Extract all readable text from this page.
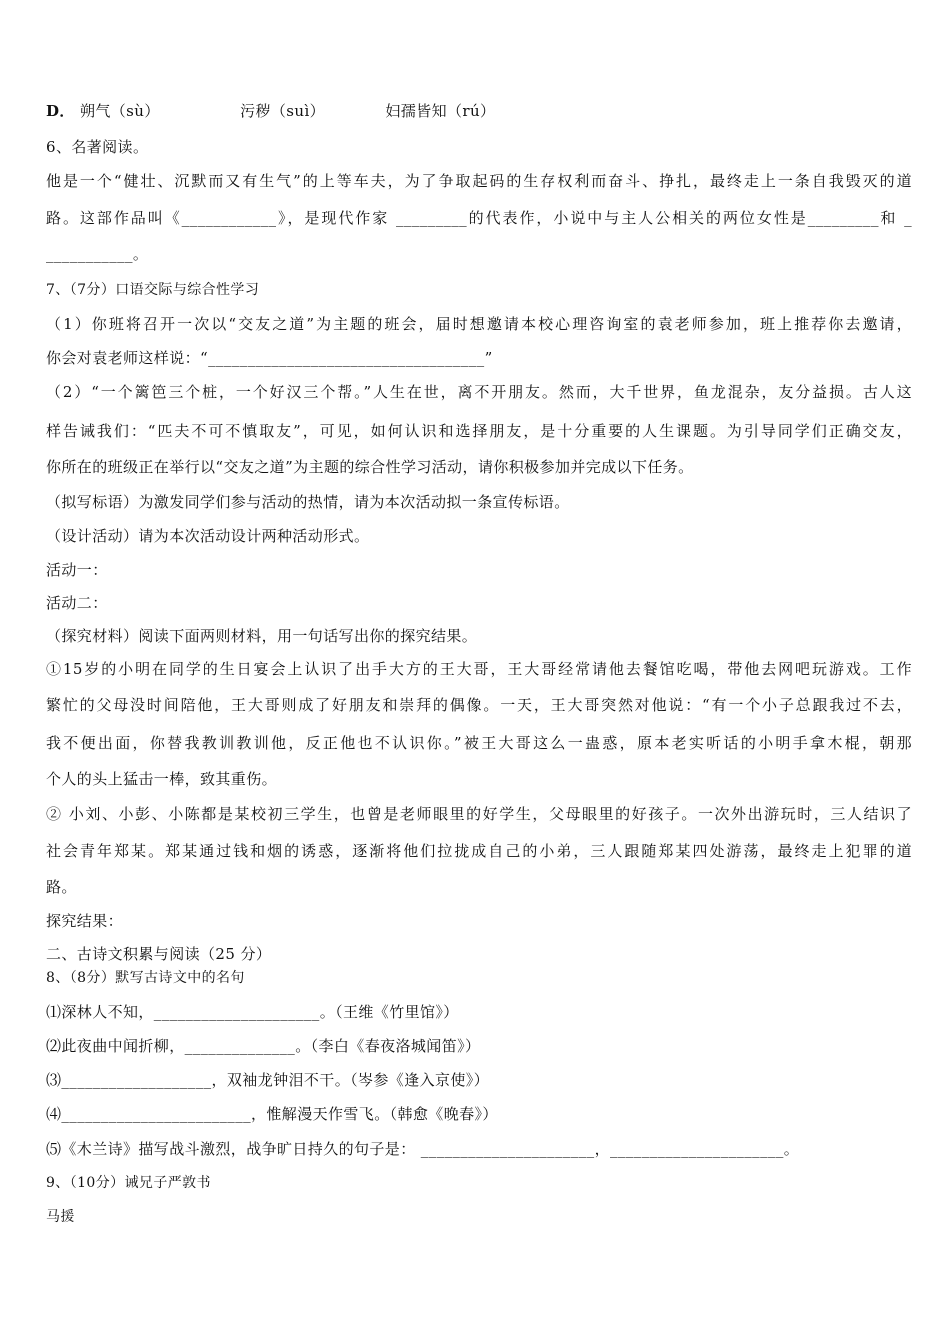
D． 朔气（sù）	污秽（suì）	妇孺皆知（rú）
6、名著阅读。
他是一个“健壮、沉默而又有生气”的上等车夫，为了争取起码的生存权利而奋斗、挣扎，最终走上一条自我毁灭的道
路。这部作品叫《____________》，是现代作家 _________的代表作，小说中与主人公相关的两位女性是_________和 _
___________。
7、（7分）口语交际与综合性学习
（1）你班将召开一次以“交友之道”为主题的班会，届时想邀请本校心理咨询室的袁老师参加，班上推荐你去邀请，
你会对袁老师这样说：“___________________________________”
（2）“一个篱笆三个桩，一个好汉三个帮。”人生在世，离不开朋友。然而，大千世界，鱼龙混杂，友分益损。古人这
样告诫我们：“匹夫不可不慎取友”，可见，如何认识和选择朋友，是十分重要的人生课题。为引导同学们正确交友，
你所在的班级正在举行以“交友之道”为主题的综合性学习活动，请你积极参加并完成以下任务。
（拟写标语）为激发同学们参与活动的热情，请为本次活动拟一条宣传标语。
（设计活动）请为本次活动设计两种活动形式。
活动一：
活动二：
（探究材料）阅读下面两则材料，用一句话写出你的探究结果。
①15岁的小明在同学的生日宴会上认识了出手大方的王大哥，王大哥经常请他去餐馆吃喝，带他去网吧玩游戏。工作
繁忙的父母没时间陪他，王大哥则成了好朋友和崇拜的偶像。一天，王大哥突然对他说：“有一个小子总跟我过不去，
我不便出面，你替我教训教训他，反正他也不认识你。”被王大哥这么一蛊惑，原本老实听话的小明手拿木棍，朝那
个人的头上猛击一棒，致其重伤。
② 小刘、小彭、小陈都是某校初三学生，也曾是老师眼里的好学生，父母眼里的好孩子。一次外出游玩时，三人结识了
社会青年郑某。郑某通过钱和烟的诱惑，逐渐将他们拉拢成自己的小弟，三人跟随郑某四处游荡，最终走上犯罪的道
路。
探究结果：
二、古诗文积累与阅读（25 分）
8、（8分）默写古诗文中的名句
⑴深林人不知，_____________________。（王维《竹里馆》）
⑵此夜曲中闻折柳，______________。（李白《春夜洛城闻笛》）
⑶___________________，双袖龙钟泪不干。（岑参《逢入京使》）
⑷________________________，惟解漫天作雪飞。（韩愈《晚春》）
⑸《木兰诗》描写战斗激烈，战争旷日持久的句子是： ______________________，______________________。
9、（10分）诫兄子严敦书
马援
